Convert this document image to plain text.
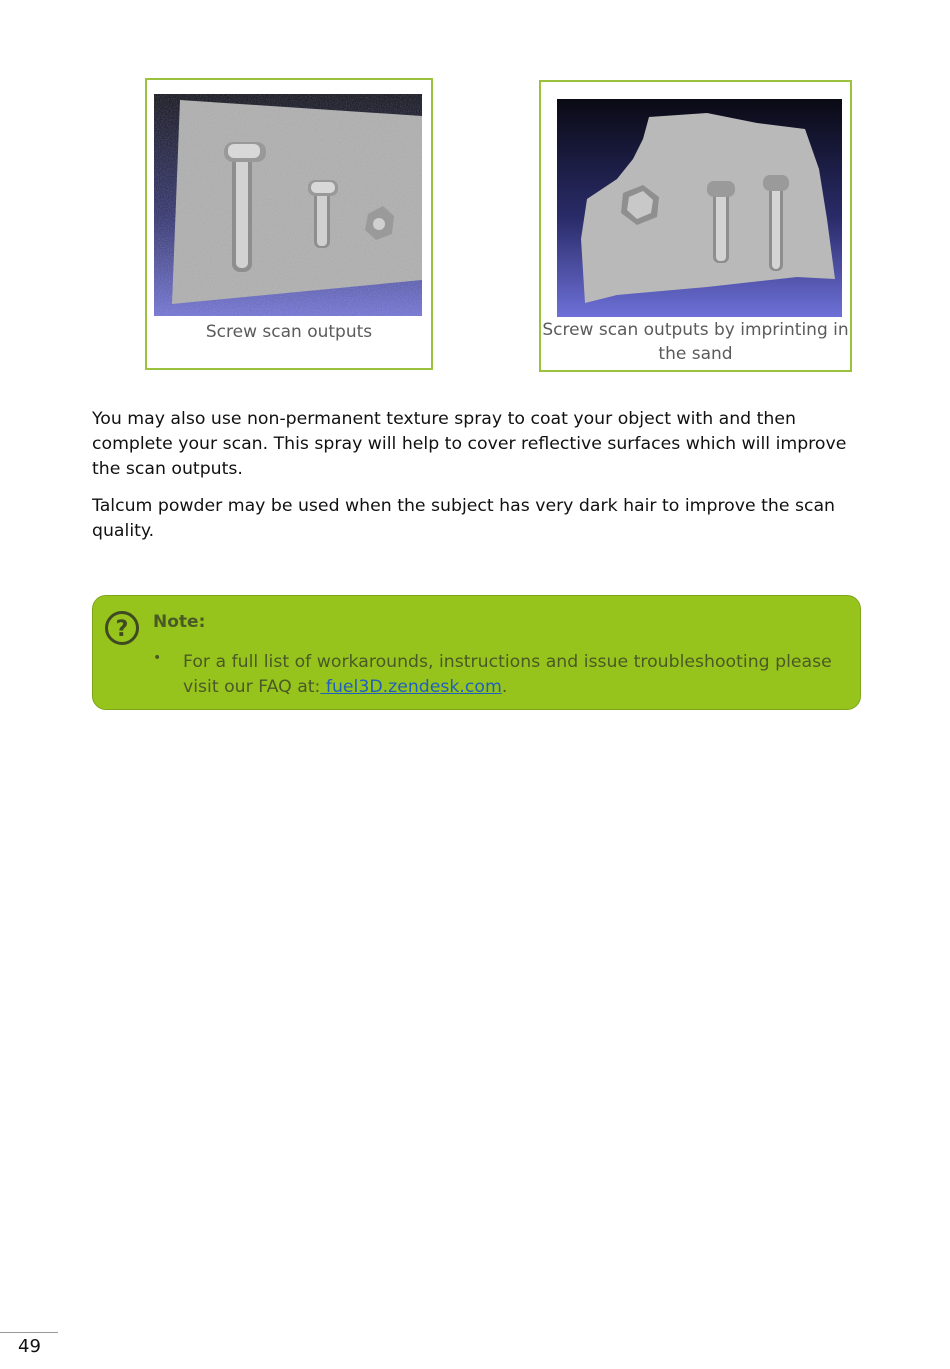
Screw scan outputs	Screw scan outputs by imprinting in the sand

You may also use non-permanent texture spray to coat your object with and then complete your scan. This spray will help to cover reflective surfaces which will improve the scan outputs.

Talcum powder may be used when the subject has very dark hair to improve the scan quality.

? Note:
• For a full list of workarounds, instructions and issue troubleshooting please visit our FAQ at: fuel3D.zendesk.com.
49
